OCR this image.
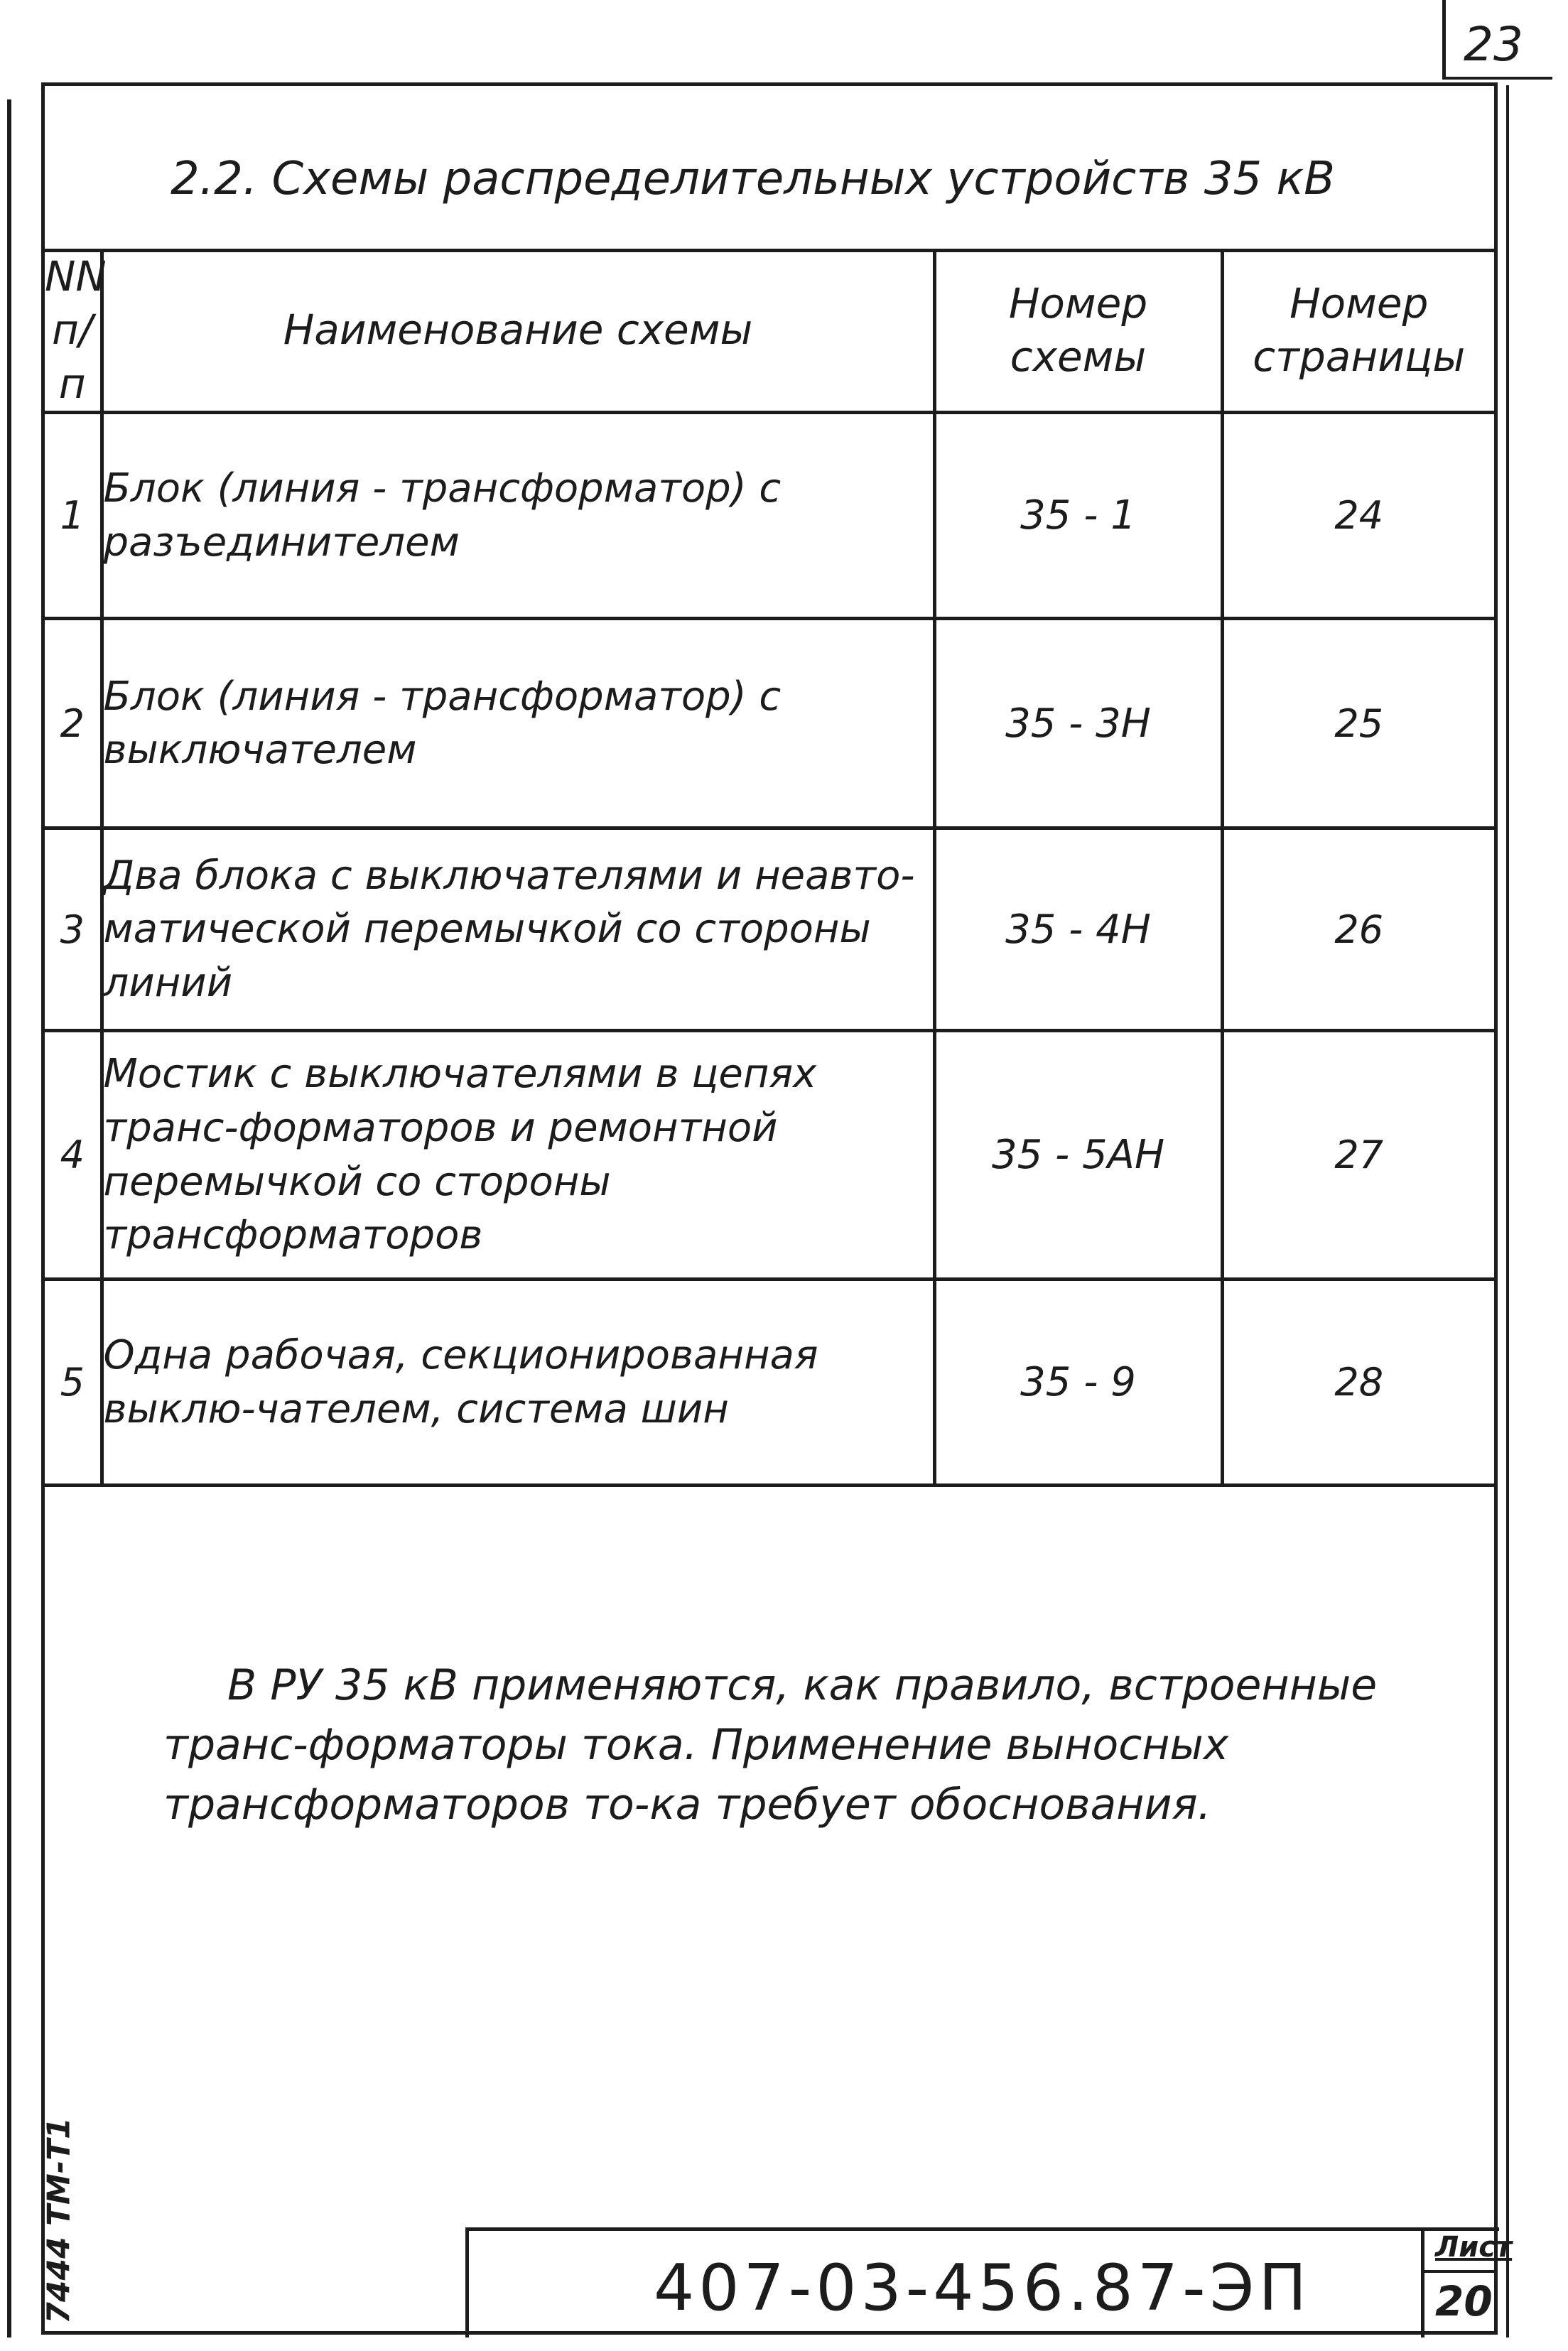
23
7444 ТМ-Т1
2.2. Схемы распределительных устройств 35 кВ
NN п/п	Наименование схемы	Номер схемы	Номер страницы
1	Блок (линия - трансформатор) с разъединителем	35 - 1	24
2	Блок (линия - трансформатор) с выключателем	35 - 3Н	25
3	Два блока с выключателями и неавто-матической перемычкой со стороны линий	35 - 4Н	26
4	Мостик с выключателями в цепях транс-форматоров и ремонтной перемычкой со стороны трансформаторов	35 - 5АН	27
5	Одна рабочая, секционированная выклю-чателем, система шин	35 - 9	28
В РУ 35 кВ применяются, как правило, встроенные транс-форматоры тока. Применение выносных трансформаторов то-ка требует обоснования.
407-03-456.87-ЭП
Лист
20
